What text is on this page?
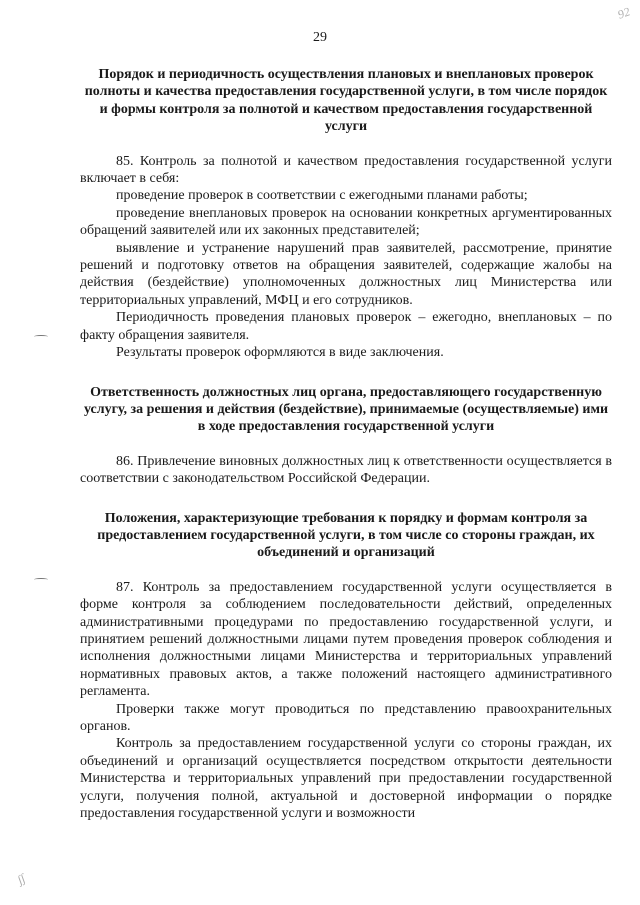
29
92
ʃʃ
Порядок и периодичность осуществления плановых и внеплановых проверок полноты и качества предоставления государственной услуги, в том числе порядок и формы контроля за полнотой и качеством предоставления государственной услуги

85. Контроль за полнотой и качеством предоставления государственной услуги включает в себя:

проведение проверок в соответствии с ежегодными планами работы;

проведение внеплановых проверок на основании конкретных аргументированных обращений заявителей или их законных представителей;

выявление и устранение нарушений прав заявителей, рассмотрение, принятие решений и подготовку ответов на обращения заявителей, содержащие жалобы на действия (бездействие) уполномоченных должностных лиц Министерства или территориальных управлений, МФЦ и его сотрудников.

Периодичность проведения плановых проверок – ежегодно, внеплановых – по факту обращения заявителя.

Результаты проверок оформляются в виде заключения.

Ответственность должностных лиц органа, предоставляющего государственную услугу, за решения и действия (бездействие), принимаемые (осуществляемые) ими в ходе предоставления государственной услуги

86. Привлечение виновных должностных лиц к ответственности осуществляется в соответствии с законодательством Российской Федерации.

Положения, характеризующие требования к порядку и формам контроля за предоставлением государственной услуги, в том числе со стороны граждан, их объединений и организаций

87. Контроль за предоставлением государственной услуги осуществляется в форме контроля за соблюдением последовательности действий, определенных административными процедурами по предоставлению государственной услуги, и принятием решений должностными лицами путем проведения проверок соблюдения и исполнения должностными лицами Министерства и территориальных управлений нормативных правовых актов, а также положений настоящего административного регламента.

Проверки также могут проводиться по представлению правоохранительных органов.

Контроль за предоставлением государственной услуги со стороны граждан, их объединений и организаций осуществляется посредством открытости деятельности Министерства и территориальных управлений при предоставлении государственной услуги, получения полной, актуальной и достоверной информации о порядке предоставления государственной услуги и возможности
